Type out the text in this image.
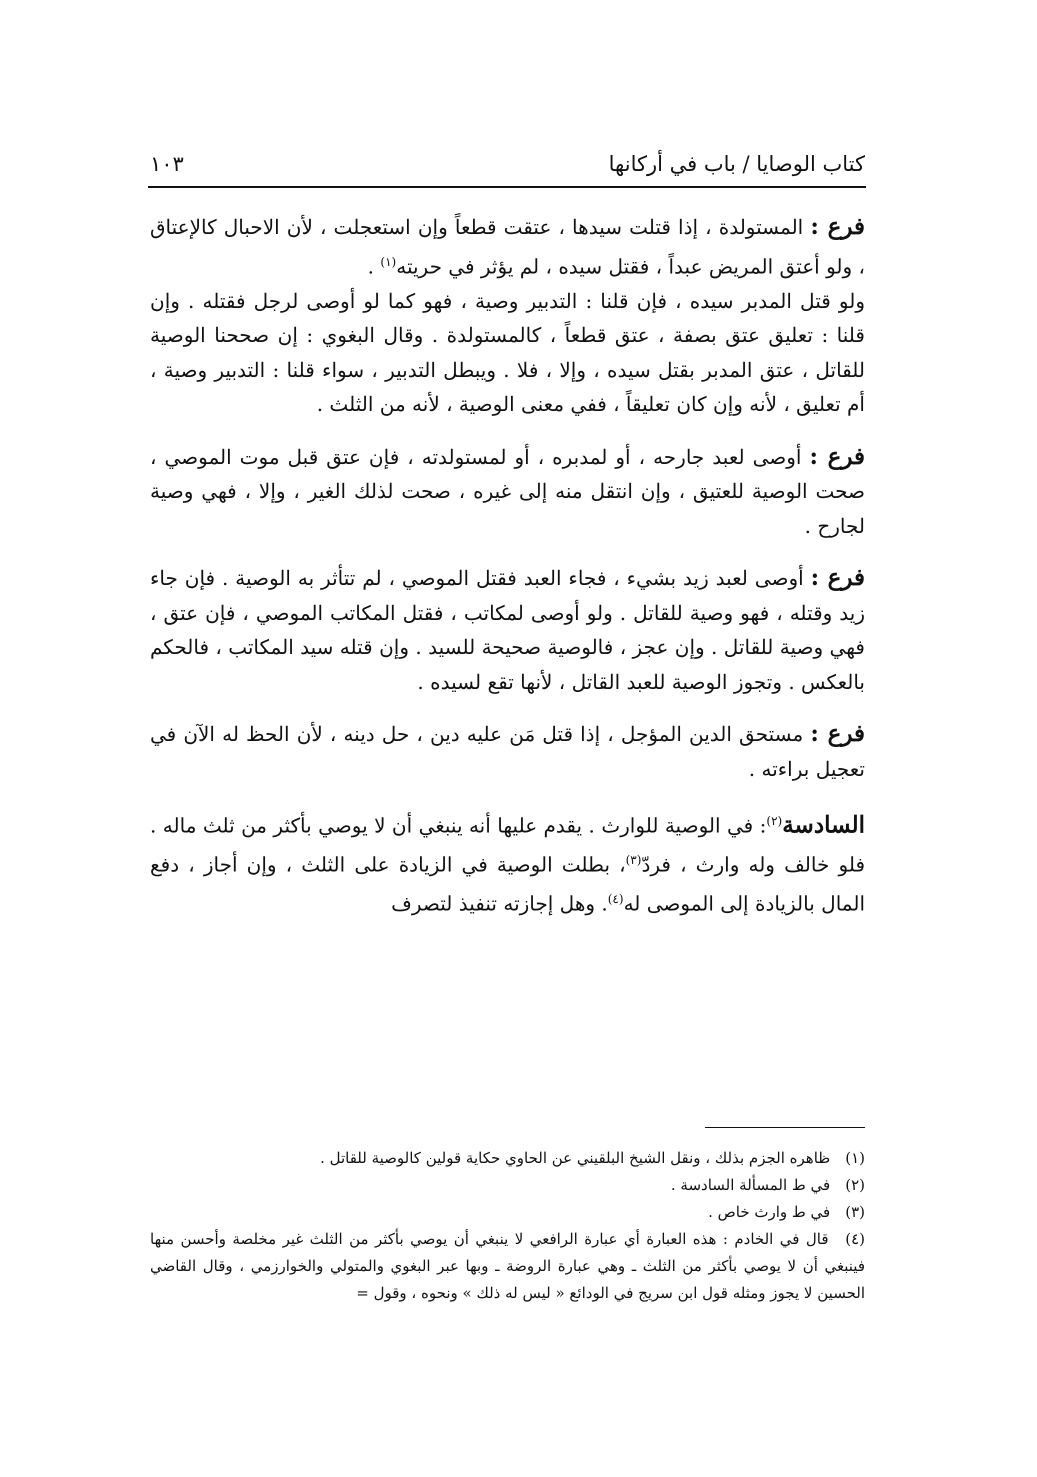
كتاب الوصايا / باب في أركانها
١٠٣

فرع : المستولدة ، إذا قتلت سيدها ، عتقت قطعاً وإن استعجلت ، لأن الاحبال كالإعتاق ، ولو أعتق المريض عبداً ، فقتل سيده ، لم يؤثر في حريته$^{(١)}$ .
ولو قتل المدبر سيده ، فإن قلنا : التدبير وصية ، فهو كما لو أوصى لرجل فقتله . وإن قلنا : تعليق عتق بصفة ، عتق قطعاً ، كالمستولدة . وقال البغوي : إن صححنا الوصية للقاتل ، عتق المدبر بقتل سيده ، وإلا ، فلا . ويبطل التدبير ، سواء قلنا : التدبير وصية ، أم تعليق ، لأنه وإن كان تعليقاً ، ففي معنى الوصية ، لأنه من الثلث .

فرع : أوصى لعبد جارحه ، أو لمدبره ، أو لمستولدته ، فإن عتق قبل موت الموصي ، صحت الوصية للعتيق ، وإن انتقل منه إلى غيره ، صحت لذلك الغير ، وإلا ، فهي وصية لجارح .

فرع : أوصى لعبد زيد بشيء ، فجاء العبد فقتل الموصي ، لم تتأثر به الوصية . فإن جاء زيد وقتله ، فهو وصية للقاتل . ولو أوصى لمكاتب ، فقتل المكاتب الموصي ، فإن عتق ، فهي وصية للقاتل . وإن عجز ، فالوصية صحيحة للسيد . وإن قتله سيد المكاتب ، فالحكم بالعكس . وتجوز الوصية للعبد القاتل ، لأنها تقع لسيده .

فرع : مستحق الدين المؤجل ، إذا قتل مَن عليه دين ، حل دينه ، لأن الحظ له الآن في تعجيل براءته .

السادسة$^{(٢)}$: في الوصية للوارث . يقدم عليها أنه ينبغي أن لا يوصي بأكثر من ثلث ماله . فلو خالف وله وارث ، فردّ$^{(٣)}$، بطلت الوصية في الزيادة على الثلث ، وإن أجاز ، دفع المال بالزيادة إلى الموصى له$^{(٤)}$. وهل إجازته تنفيذ لتصرف

(١) ظاهره الجزم بذلك ، ونقل الشيخ البلقيني عن الحاوي حكاية قولين كالوصية للقاتل .

(٢) في ط المسألة السادسة .

(٣) في ط وارث خاص .

(٤) قال في الخادم : هذه العبارة أي عبارة الرافعي لا ينبغي أن يوصي بأكثر من الثلث غير مخلصة وأحسن منها فينبغي أن لا يوصي بأكثر من الثلث ـ وهي عبارة الروضة ـ وبها عبر البغوي والمتولي والخوارزمي ، وقال القاضي الحسين لا يجوز ومثله قول ابن سريج في الودائع « ليس له ذلك » ونحوه ، وقول =
